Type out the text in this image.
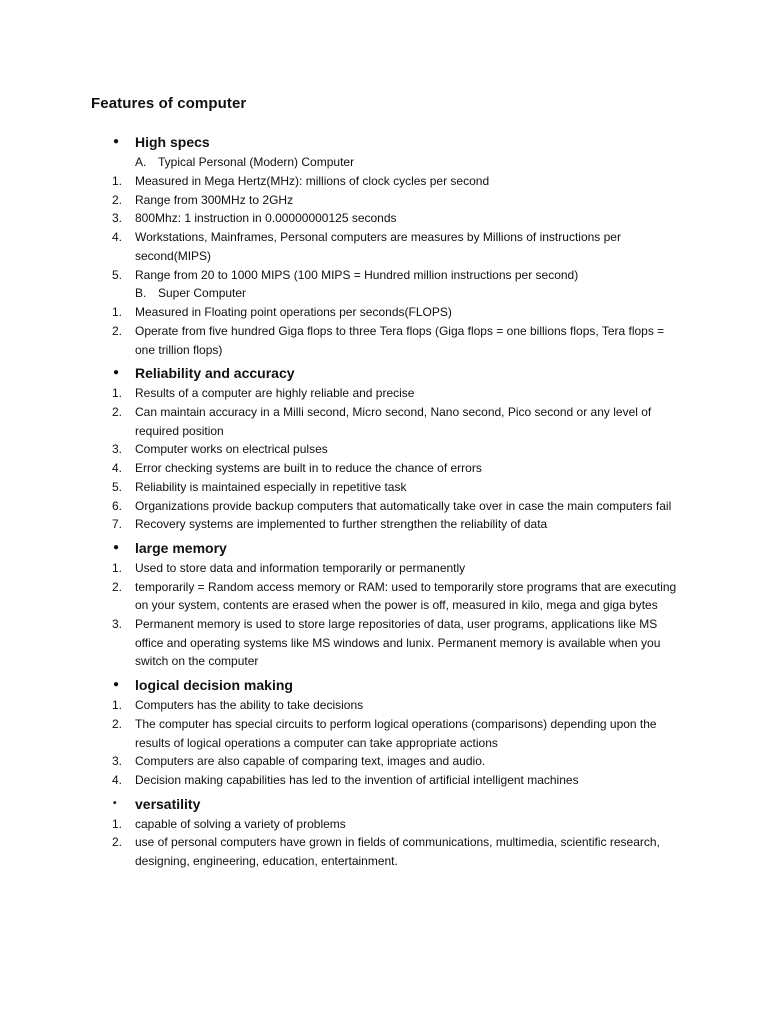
Features of computer
● High specs
A. Typical Personal (Modern) Computer
1. Measured in Mega Hertz(MHz): millions of clock cycles per second
2. Range from 300MHz to 2GHz
3. 800Mhz: 1 instruction in 0.00000000125 seconds
4. Workstations, Mainframes, Personal computers are measures by Millions of instructions per second(MIPS)
5. Range from 20 to 1000 MIPS (100 MIPS = Hundred million instructions per second)
B. Super Computer
1. Measured in Floating point operations per seconds(FLOPS)
2. Operate from five hundred Giga flops to three Tera flops (Giga flops = one billions flops, Tera flops = one trillion flops)
● Reliability and accuracy
1. Results of a computer are highly reliable and precise
2. Can maintain accuracy in a Milli second, Micro second, Nano second, Pico second or any level of required position
3. Computer works on electrical pulses
4. Error checking systems are built in to reduce the chance of errors
5. Reliability is maintained especially in repetitive task
6. Organizations provide backup computers that automatically take over in case the main computers fail
7. Recovery systems are implemented to further strengthen the reliability of data
● large memory
1. Used to store data and information temporarily or permanently
2. temporarily = Random access memory or RAM: used to temporarily store programs that are executing on your system, contents are erased when the power is off, measured in kilo, mega and giga bytes
3. Permanent memory is used to store large repositories of data, user programs, applications like MS office and operating systems like MS windows and lunix. Permanent memory is available when you switch on the computer
● logical decision making
1. Computers has the ability to take decisions
2. The computer has special circuits to perform logical operations (comparisons) depending upon the results of logical operations a computer can take appropriate actions
3. Computers are also capable of comparing text, images and audio.
4. Decision making capabilities has led to the invention of artificial intelligent machines
• versatility
1. capable of solving a variety of problems
2. use of personal computers have grown in fields of communications, multimedia, scientific research, designing, engineering, education, entertainment.
